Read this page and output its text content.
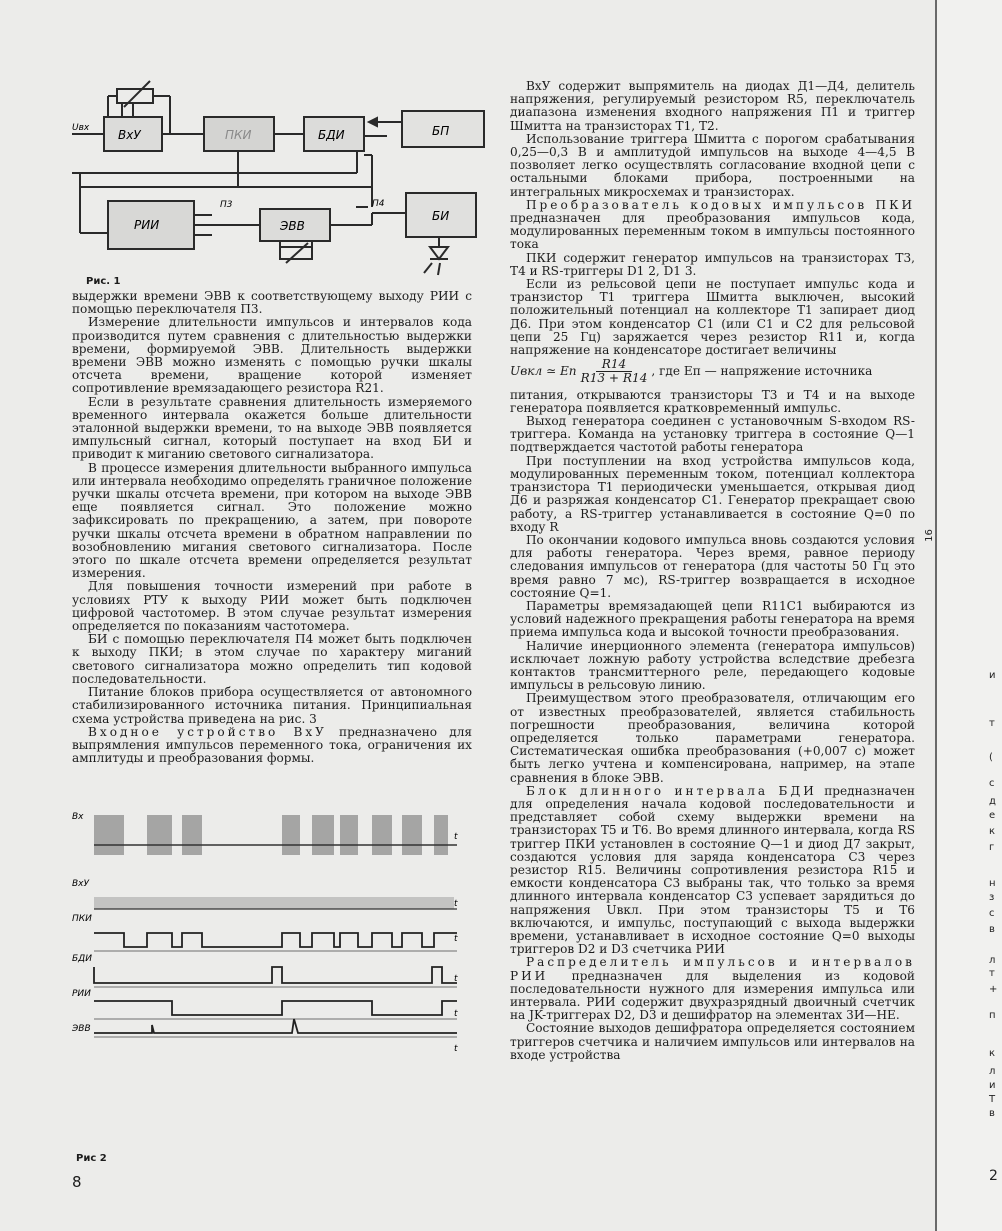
Uвх ВхУ	ПКИ	БДИ	БП
РИИ	ЭВВ
БИ
П3	П4
Рис. 1

выдержки времени ЭВВ к соответствующему выходу РИИ с помощью переключателя П3.

Измерение длительности импульсов и интервалов кода производится путем сравнения с длительностью выдержки времени, формируемой ЭВВ. Длительность выдержки времени ЭВВ можно изменять с помощью ручки шкалы отсчета времени, вращение которой изменяет сопротивление времязадающего резистора R21.

Если в результате сравнения длительность измеряемого временного интервала окажется больше длительности эталонной выдержки времени, то на выходе ЭВВ появляется импульсный сигнал, который поступает на вход БИ и приводит к миганию светового сигнализатора.

В процессе измерения длительности выбранного импульса или интервала необходимо определять граничное положение ручки шкалы отсчета времени, при котором на выходе ЭВВ еще появляется сигнал. Это положение можно зафиксировать по прекращению, а затем, при повороте ручки шкалы отсчета времени в обратном направлении по возобновлению мигания светового сигнализатора. После этого по шкале отсчета времени определяется результат измерения.

Для повышения точности измерений при работе в условиях РТУ к выходу РИИ может быть подключен цифровой частотомер. В этом случае результат измерения определяется по показаниям частотомера.

БИ с помощью переключателя П4 может быть подключен к выходу ПКИ; в этом случае по характеру миганий светового сигнализатора можно определить тип кодовой последовательности.

Питание блоков прибора осуществляется от автономного стабилизированного источника питания. Принципиальная схема устройства приведена на рис. 3

Входное устройство ВхУ предназначено для выпрямления импульсов переменного тока, ограничения их амплитуды и преобразования формы.

Вх
t
ВхУ
t
ПКИ
t
БДИ
t
РИИ
t
ЭВВ
t
Рис 2
8

ВхУ содержит выпрямитель на диодах Д1—Д4, делитель напряжения, регулируемый резистором R5, переключатель диапазона изменения входного напряжения П1 и триггер Шмитта на транзисторах Т1, Т2.

Использование триггера Шмитта с порогом срабатывания 0,25—0,3 В и амплитудой импульсов на выходе 4—4,5 В позволяет легко осуществлять согласование входной цепи с остальными блоками прибора, построенными на интегральных микросхемах и транзисторах.

Преобразователь кодовых импульсов ПКИ предназначен для преобразования импульсов кода, модулированных переменным током в импульсы постоянного тока

ПКИ содержит генератор импульсов на транзисторах Т3, Т4 и RS-триггеры D1 2, D1 3.

Если из рельсовой цепи не поступает импульс кода и транзистор Т1 триггера Шмитта выключен, высокий положительный потенциал на коллекторе Т1 запирает диод Д6. При этом конденсатор С1 (или С1 и С2 для рельсовой цепи 25 Гц) заряжается через резистор R11 и, когда напряжение на конденсаторе достигает величины

Uвкл ≃ Eп $\frac{R14}{R13 + R14}$ , где Eп — напряжение источника

питания, открываются транзисторы Т3 и Т4 и на выходе генератора появляется кратковременный импульс.

Выход генератора соединен с установочным S-входом RS-триггера. Команда на установку триггера в состояние Q—1 подтверждается частотой работы генератора

При поступлении на вход устройства импульсов кода, модулированных переменным током, потенциал коллектора транзистора Т1 периодически уменьшается, открывая диод Д6 и разряжая конденсатор С1. Генератор прекращает свою работу, а RS-триггер устанавливается в состояние Q=0 по входу R

По окончании кодового импульса вновь создаются условия для работы генератора. Через время, равное периоду следования импульсов от генератора (для частоты 50 Гц это время равно 7 мс), RS-триггер возвращается в исходное состояние Q=1.

Параметры времязадающей цепи R11С1 выбираются из условий надежного прекращения работы генератора на время приема импульса кода и высокой точности преобразования.

Наличие инерционного элемента (генератора импульсов) исключает ложную работу устройства вследствие дребезга контактов трансмиттерного реле, передающего кодовые импульсы в рельсовую линию.

Преимуществом этого преобразователя, отличающим его от известных преобразователей, является стабильность погрешности преобразования, величина которой определяется только параметрами генератора. Систематическая ошибка преобразования (+0,007 с) может быть легко учтена и компенсирована, например, на этапе сравнения в блоке ЭВВ.

Блок длинного интервала БДИ предназначен для определения начала кодовой последовательности и представляет собой схему выдержки времени на транзисторах Т5 и Т6. Во время длинного интервала, когда RS триггер ПКИ установлен в состояние Q—1 и диод Д7 закрыт, создаются условия для заряда конденсатора С3 через резистор R15. Величины сопротивления резистора R15 и емкости конденсатора С3 выбраны так, что только за время длинного интервала конденсатор С3 успевает зарядиться до напряжения Uвкл. При этом транзисторы Т5 и Т6 включаются, и импульс, поступающий с выхода выдержки времени, устанавливает в исходное состояние Q=0 выходы триггеров D2 и D3 счетчика РИИ

Распределитель импульсов и интервалов РИИ предназначен для выделения из кодовой последовательности нужного для измерения импульса или интервала. РИИ содержит двухразрядный двоичный счетчик на JK-триггерах D2, D3 и дешифратор на элементах 3И—НЕ.

Состояние выходов дешифратора определяется состоянием триггеров счетчика и наличием импульсов или интервалов на входе устройства

16
и
т
(
с
д
е
к
г
н
з
с
в
л
т
+
п
к
л
и
Т
в
2
